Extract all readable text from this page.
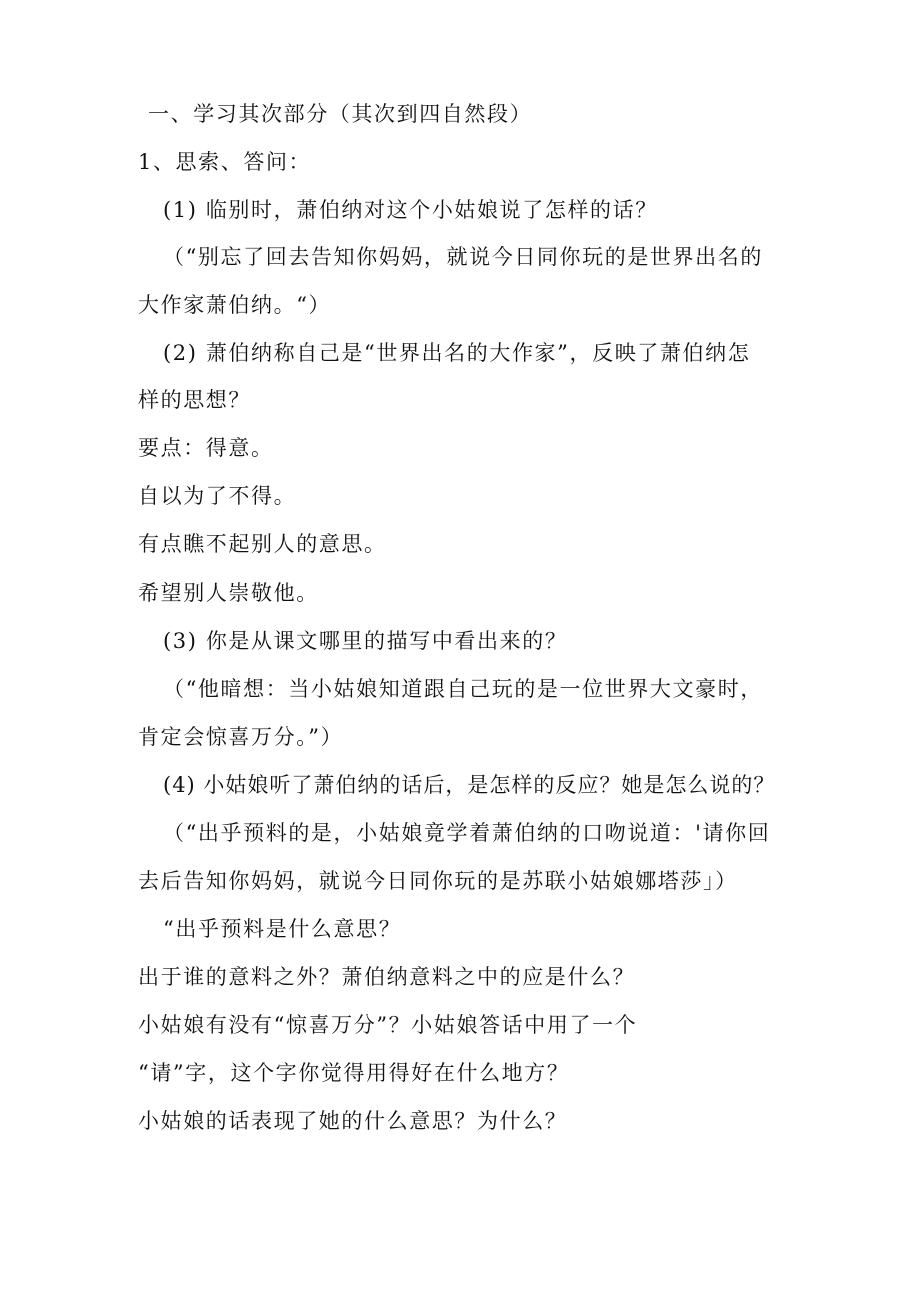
一、学习其次部分（其次到四自然段）
1、思索、答问：
(1) 临别时，萧伯纳对这个小姑娘说了怎样的话？
（“别忘了回去告知你妈妈，就说今日同你玩的是世界出名的
大作家萧伯纳。“）
(2) 萧伯纳称自己是“世界出名的大作家”，反映了萧伯纳怎
样的思想？
要点：得意。
自以为了不得。
有点瞧不起别人的意思。
希望别人崇敬他。
(3) 你是从课文哪里的描写中看出来的？
（“他暗想：当小姑娘知道跟自己玩的是一位世界大文豪时，
肯定会惊喜万分。”）
(4) 小姑娘听了萧伯纳的话后，是怎样的反应？她是怎么说的？
（“出乎预料的是，小姑娘竟学着萧伯纳的口吻说道：'请你回
去后告知你妈妈，就说今日同你玩的是苏联小姑娘娜塔莎」）
“出乎预料是什么意思？
出于谁的意料之外？萧伯纳意料之中的应是什么？
小姑娘有没有“惊喜万分”？小姑娘答话中用了一个
“请”字，这个字你觉得用得好在什么地方？
小姑娘的话表现了她的什么意思？为什么？
